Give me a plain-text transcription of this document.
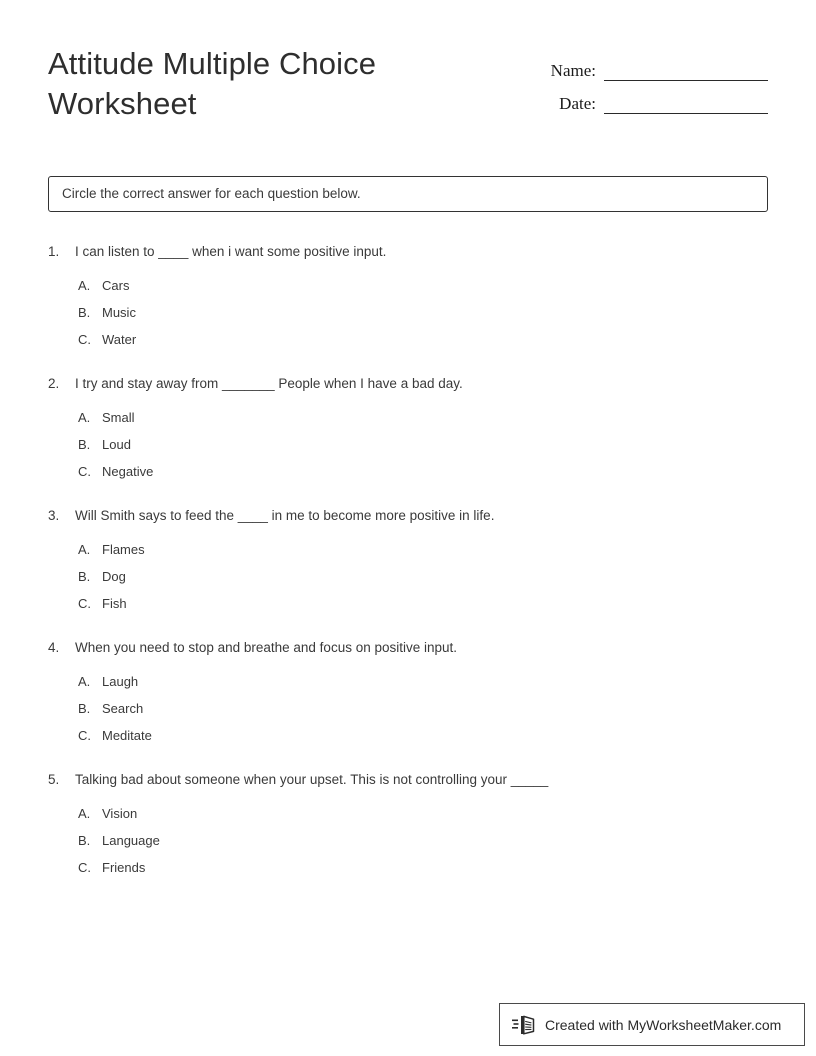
Attitude Multiple Choice Worksheet
Name:
Date:
Circle the correct answer for each question below.
1.	I can listen to ____ when i want some positive input.
A. Cars
B. Music
C. Water
2.	I try and stay away from _______ People when I have a bad day.
A. Small
B. Loud
C. Negative
3.	Will Smith says to feed the ____ in me to become more positive in life.
A. Flames
B. Dog
C. Fish
4.	When you need to stop and breathe and focus on positive input.
A. Laugh
B. Search
C. Meditate
5.	Talking bad about someone when your upset. This is not controlling your _____
A. Vision
B. Language
C. Friends
Created with MyWorksheetMaker.com
